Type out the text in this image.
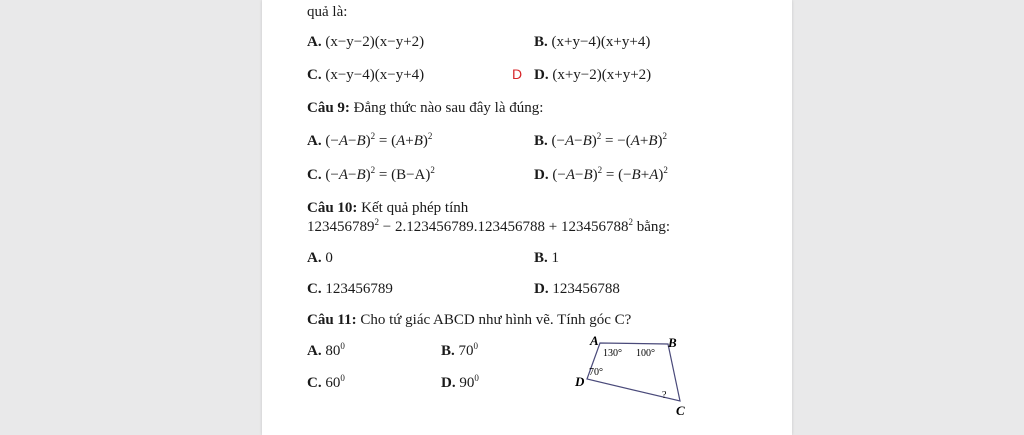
quả là:
A. (x−y−2)(x−y+2)	B. (x+y−4)(x+y+4)
C. (x−y−4)(x−y+4)	D D. (x+y−2)(x+y+2)
Câu 9: Đẳng thức nào sau đây là đúng:
A. $(-A-B)^2 = (A+B)^2$	B. $(-A-B)^2 = -(A+B)^2$
C. $(-A-B)^2 = (B-A)^2$	D. $(-A-B)^2 = (-B+A)^2$
Câu 10: Kết quả phép tính
$123456789^2 - 2.123456789.123456788 + 123456788^2$ bằng:
A. 0	B. 1
C. 123456789	D. 123456788
Câu 11: Cho tứ giác ABCD như hình vẽ. Tính góc C?
A. $80^0$	B. $70^0$
C. $60^0$	D. $90^0$
A	B
C
D
130° 100°
70°
?
